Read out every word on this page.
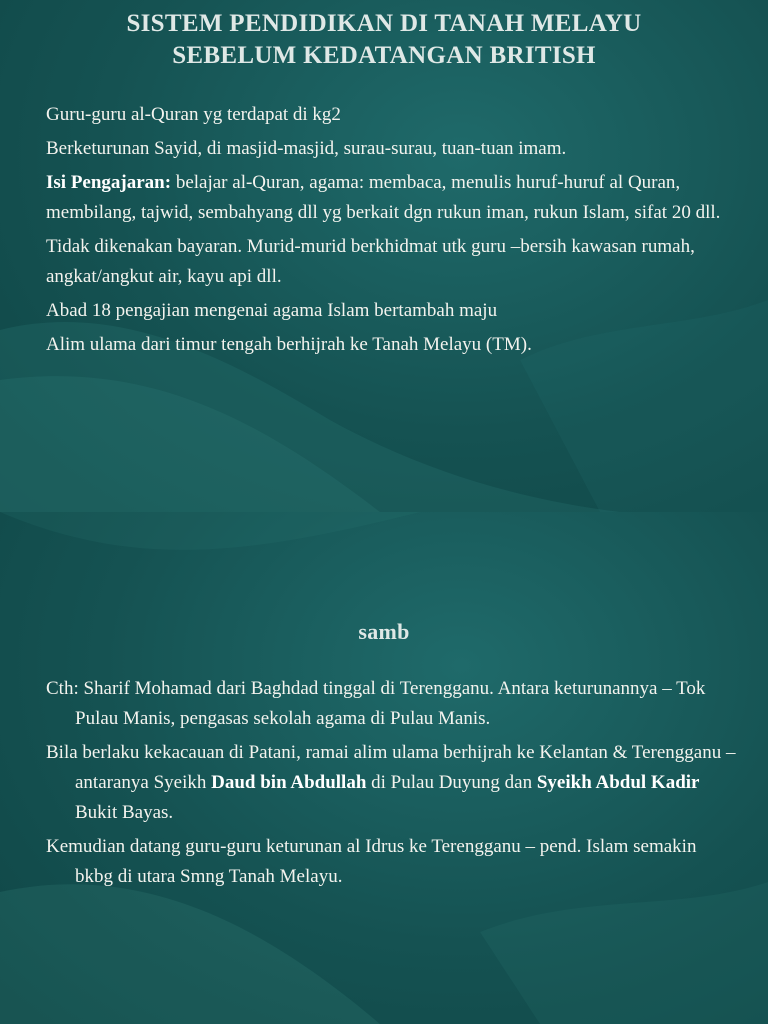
SISTEM PENDIDIKAN DI TANAH MELAYU
SEBELUM KEDATANGAN BRITISH

Guru-guru al-Quran yg terdapat di kg2

Berketurunan Sayid, di masjid-masjid, surau-surau, tuan-tuan imam.

Isi Pengajaran: belajar al-Quran, agama: membaca, menulis huruf-huruf al Quran, membilang, tajwid, sembahyang dll yg berkait dgn rukun iman, rukun Islam, sifat 20 dll.

Tidak dikenakan bayaran. Murid-murid berkhidmat utk guru –bersih kawasan rumah, angkat/angkut air, kayu api dll.

Abad 18 pengajian mengenai agama Islam bertambah maju

Alim ulama dari timur tengah berhijrah ke Tanah Melayu (TM).

samb

Cth: Sharif Mohamad dari Baghdad tinggal di Terengganu. Antara keturunannya – Tok Pulau Manis, pengasas sekolah agama di Pulau Manis.

Bila berlaku kekacauan di Patani, ramai alim ulama berhijrah ke Kelantan & Terengganu – antaranya Syeikh Daud bin Abdullah di Pulau Duyung dan Syeikh Abdul Kadir Bukit Bayas.

Kemudian datang guru-guru keturunan al Idrus ke Terengganu – pend. Islam semakin bkbg di utara Smng Tanah Melayu.
